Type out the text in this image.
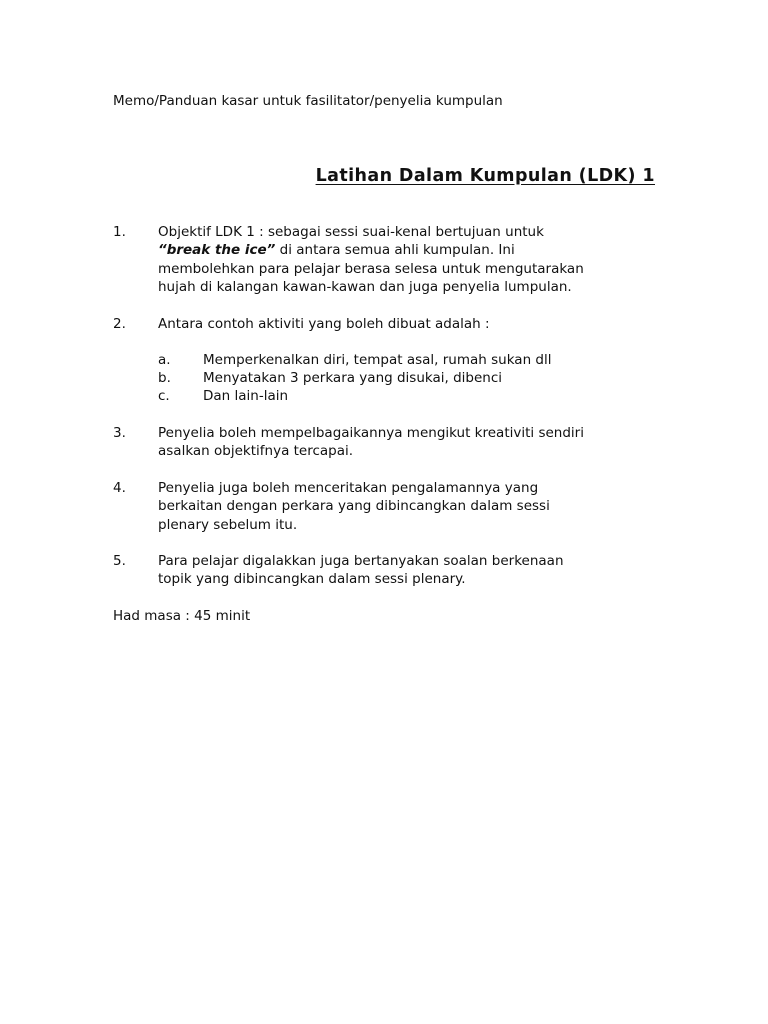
Memo/Panduan kasar untuk fasilitator/penyelia kumpulan
Latihan Dalam Kumpulan (LDK) 1
1. Objektif LDK 1 : sebagai sessi suai-kenal bertujuan untuk
“break the ice” di antara semua ahli kumpulan. Ini
membolehkan para pelajar berasa selesa untuk mengutarakan
hujah di kalangan kawan-kawan dan juga penyelia lumpulan.
2. Antara contoh aktiviti yang boleh dibuat adalah :
a. Memperkenalkan diri, tempat asal, rumah sukan dll
b. Menyatakan 3 perkara yang disukai, dibenci
c. Dan lain-lain
3. Penyelia boleh mempelbagaikannya mengikut kreativiti sendiri
asalkan objektifnya tercapai.
4. Penyelia juga boleh menceritakan pengalamannya yang
berkaitan dengan perkara yang dibincangkan dalam sessi
plenary sebelum itu.
5. Para pelajar digalakkan juga bertanyakan soalan berkenaan
topik yang dibincangkan dalam sessi plenary.
Had masa : 45 minit
